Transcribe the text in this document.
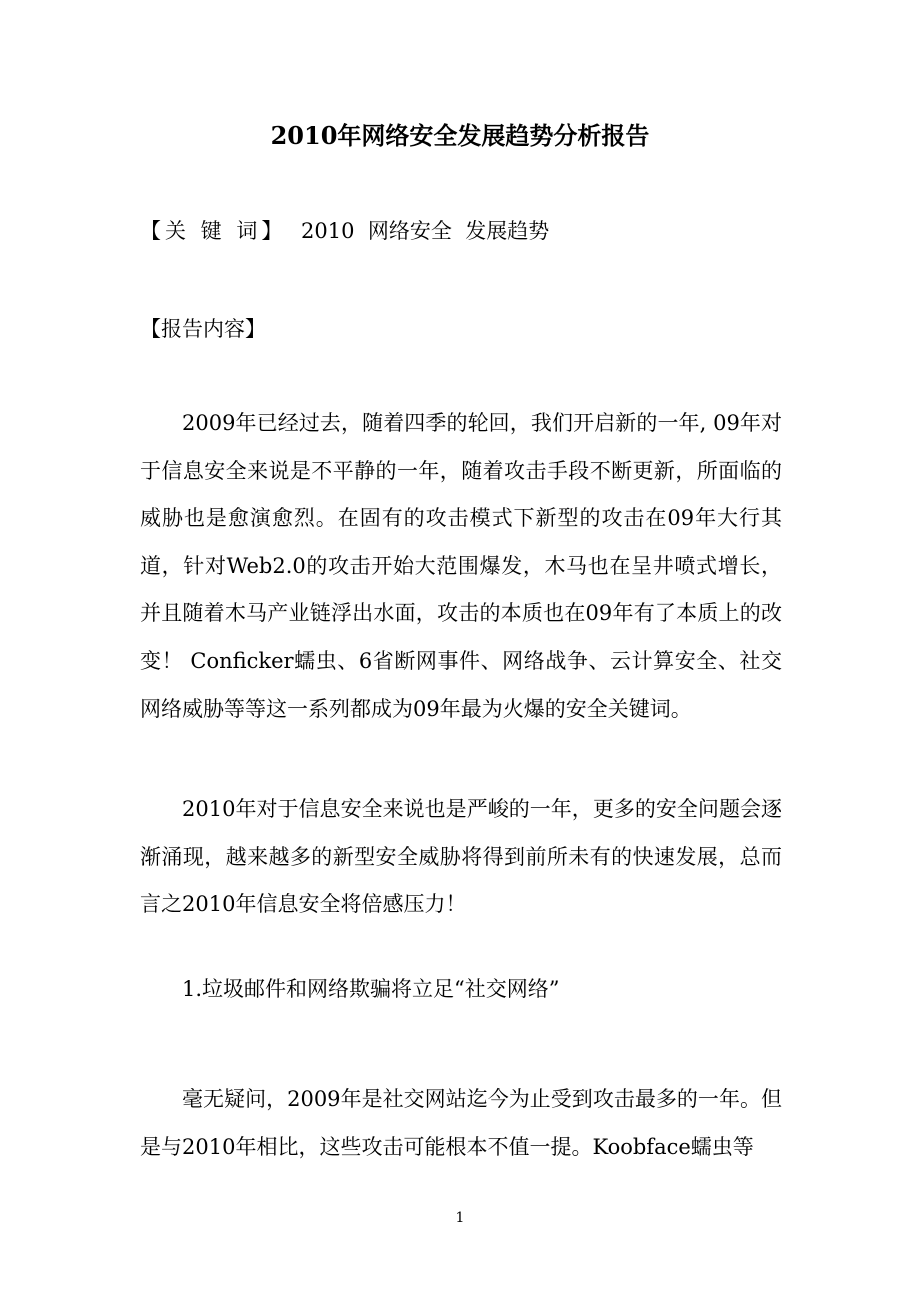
2010年网络安全发展趋势分析报告

【关 键 词】 2010  网络安全  发展趋势

【报告内容】

2009年已经过去，随着四季的轮回，我们开启新的一年, 09年对于信息安全来说是不平静的一年，随着攻击手段不断更新，所面临的威胁也是愈演愈烈。在固有的攻击模式下新型的攻击在09年大行其道，针对Web2.0的攻击开始大范围爆发，木马也在呈井喷式增长，并且随着木马产业链浮出水面，攻击的本质也在09年有了本质上的改变！ Conficker蠕虫、6省断网事件、网络战争、云计算安全、社交网络威胁等等这一系列都成为09年最为火爆的安全关键词。

2010年对于信息安全来说也是严峻的一年，更多的安全问题会逐渐涌现，越来越多的新型安全威胁将得到前所未有的快速发展，总而言之2010年信息安全将倍感压力！

1.垃圾邮件和网络欺骗将立足“社交网络”

毫无疑问，2009年是社交网站迄今为止受到攻击最多的一年。但是与2010年相比，这些攻击可能根本不值一提。Koobface蠕虫等

1
